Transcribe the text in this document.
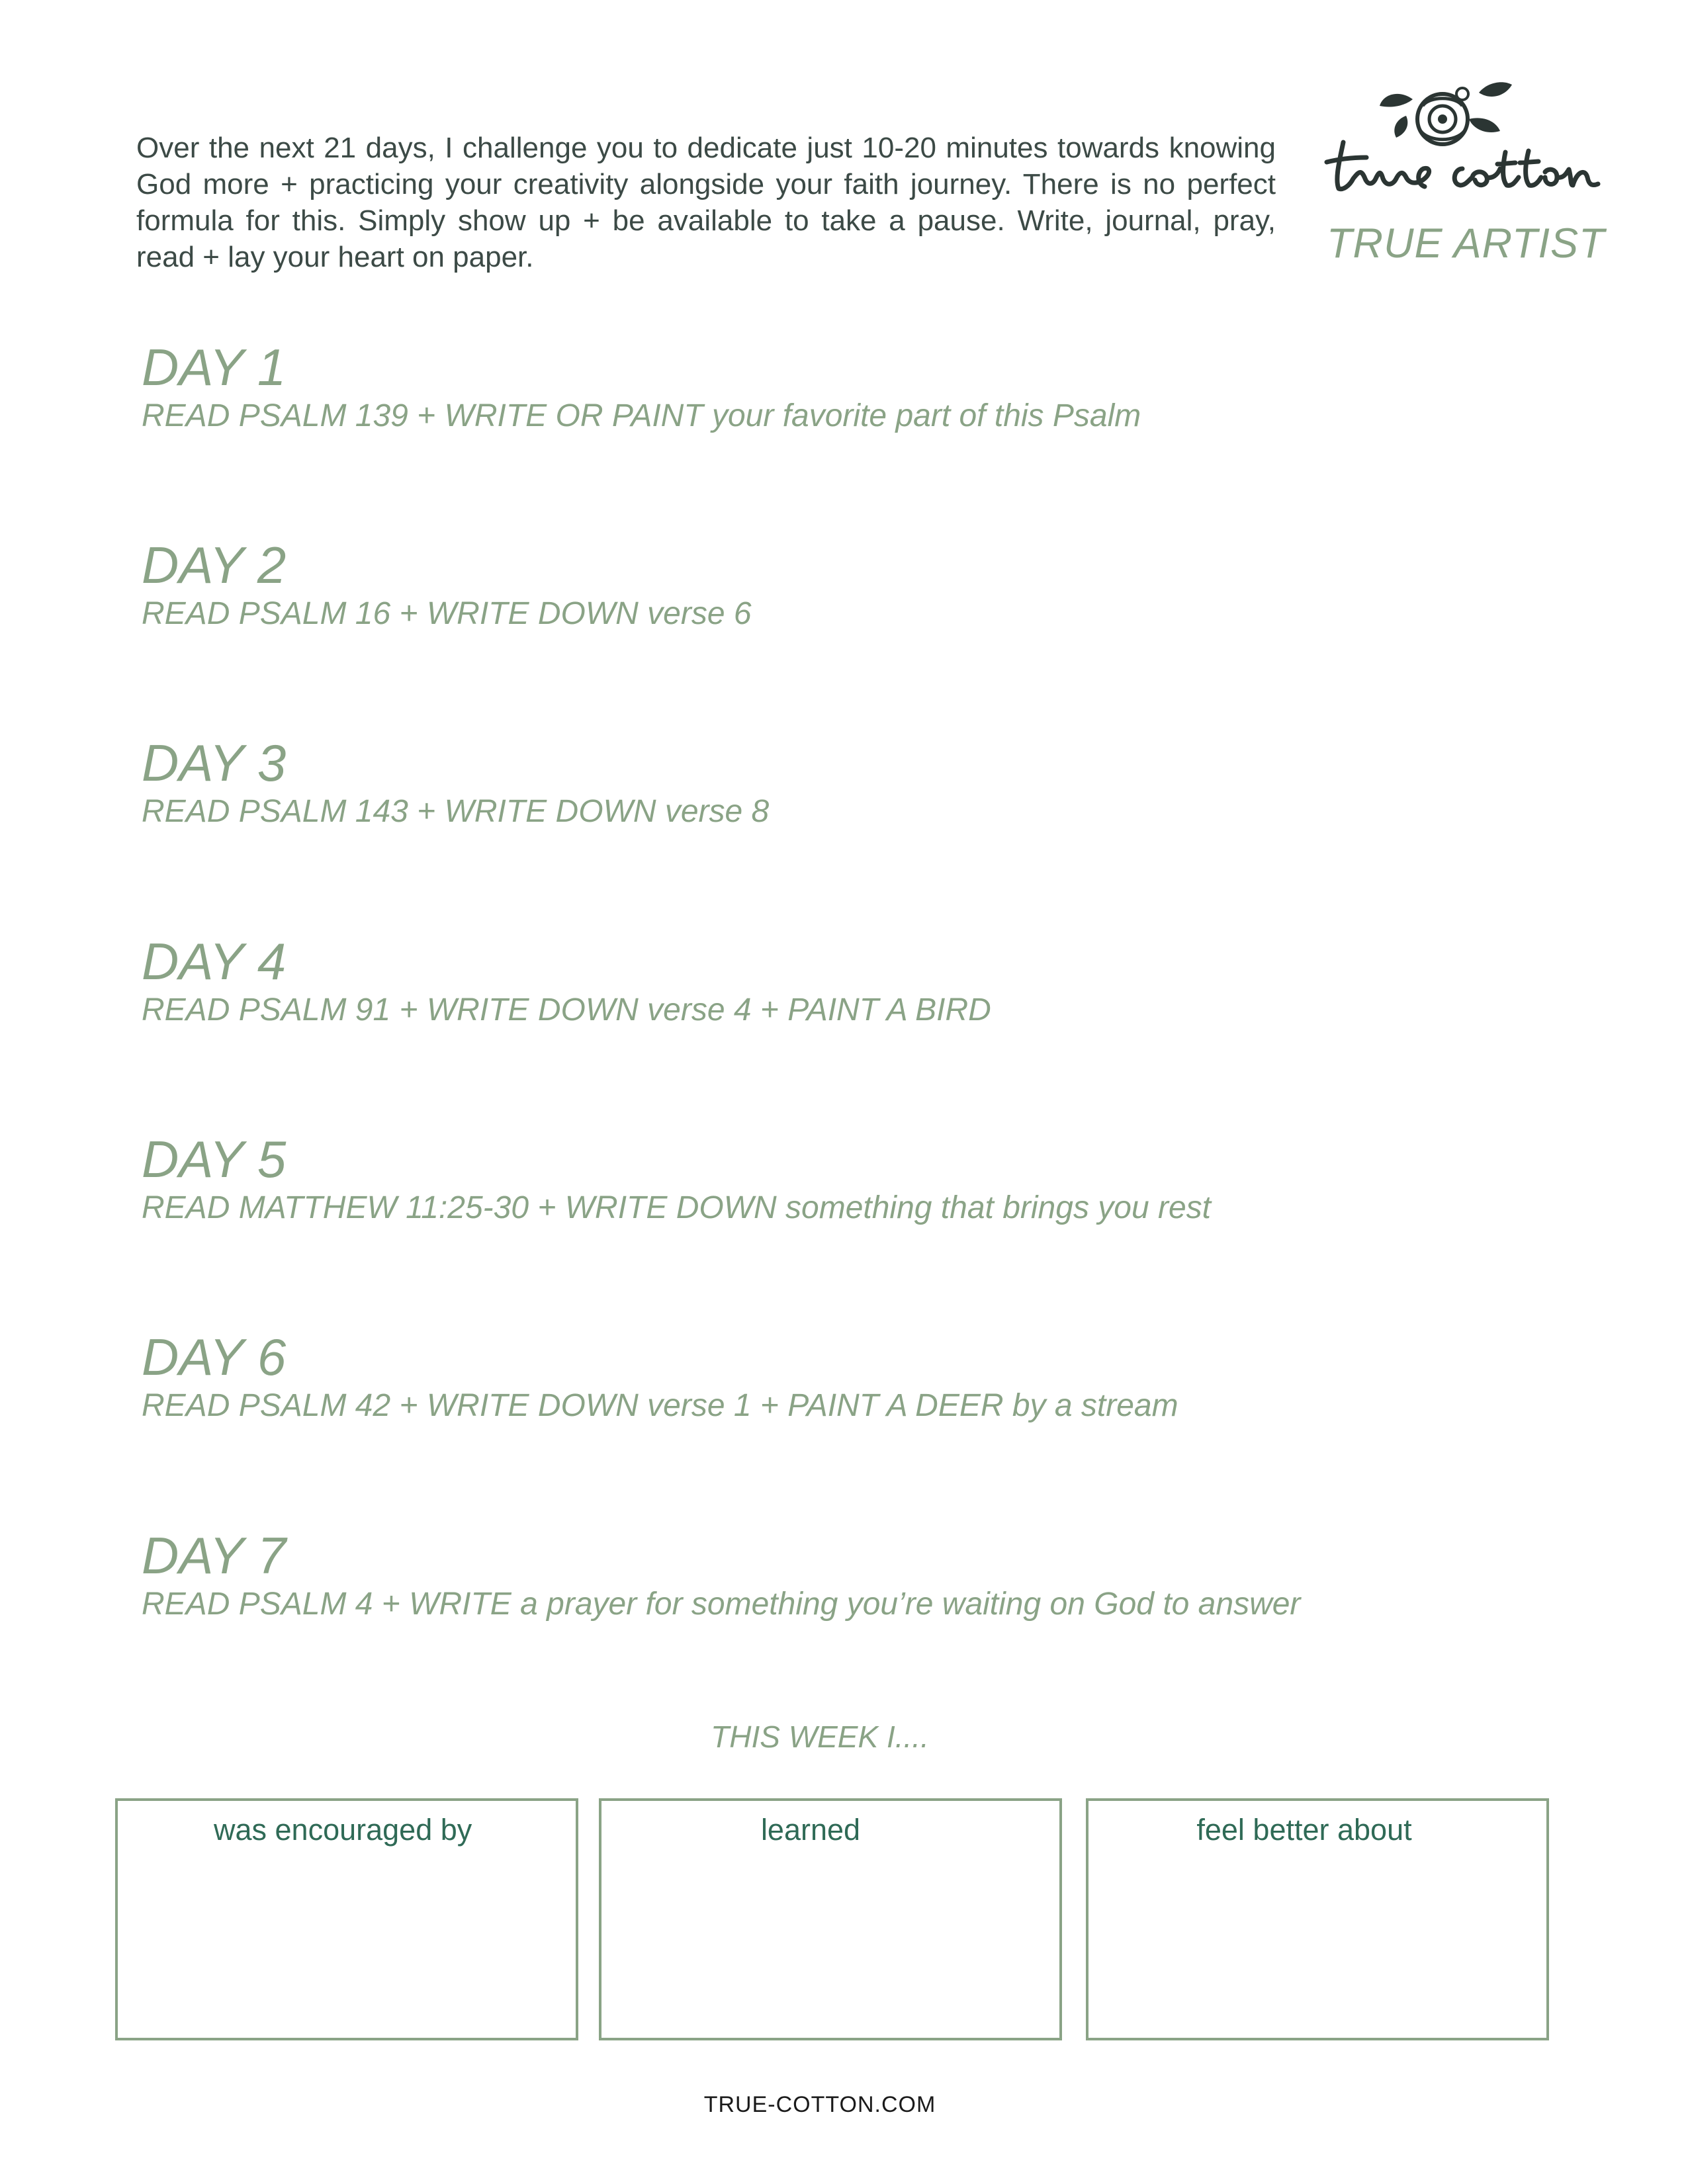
Over the next 21 days, I challenge you to dedicate just 10-20 minutes towards knowing God more + practicing your creativity alongside your faith journey. There is no perfect formula for this. Simply show up + be available to take a pause. Write, journal, pray, read + lay your heart on paper.	TRUE ARTIST
DAY 1
READ PSALM 139 + WRITE OR PAINT your favorite part of this Psalm
DAY 2
READ PSALM 16 + WRITE DOWN verse 6
DAY 3
READ PSALM 143 + WRITE DOWN verse 8
DAY 4
READ PSALM 91 + WRITE DOWN verse 4 + PAINT A BIRD
DAY 5
READ MATTHEW 11:25-30 + WRITE DOWN something that brings you rest
DAY 6
READ PSALM 42 + WRITE DOWN verse 1 + PAINT A DEER by a stream
DAY 7
READ PSALM 4 + WRITE a prayer for something you’re waiting on God to answer
THIS WEEK I....
was encouraged by	learned	feel better about
TRUE-COTTON.COM
